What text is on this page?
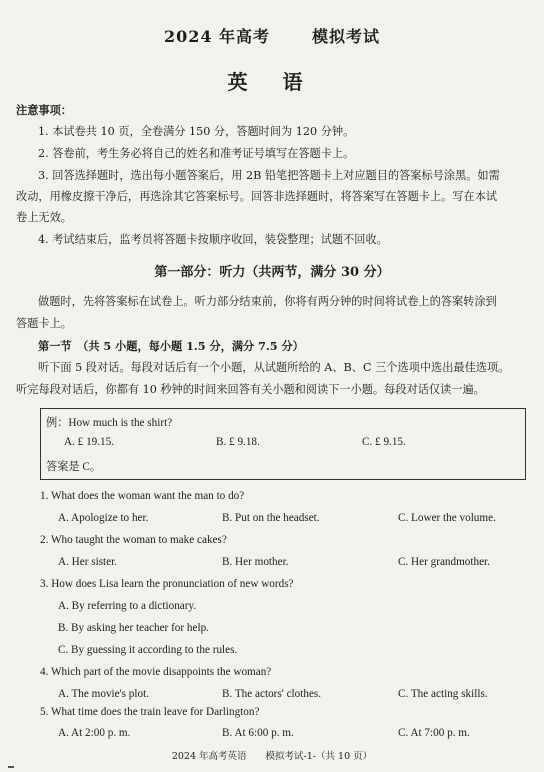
2024 年高考	模拟考试
英 语
注意事项：
1. 本试卷共 10 页，全卷满分 150 分，答题时间为 120 分钟。
2. 答卷前，考生务必将自己的姓名和准考证号填写在答题卡上。
3. 回答选择题时，选出每小题答案后，用 2B 铅笔把答题卡上对应题目的答案标号涂黑。如需
改动，用橡皮擦干净后，再选涂其它答案标号。回答非选择题时，将答案写在答题卡上。写在本试
卷上无效。
4. 考试结束后，监考员将答题卡按顺序收回，装袋整理；试题不回收。
第一部分：听力（共两节，满分 30 分）
做题时，先将答案标在试卷上。听力部分结束前，你将有两分钟的时间将试卷上的答案转涂到
答题卡上。
第一节　（共 5 小题，每小题 1.5 分，满分 7.5 分）
听下面 5 段对话。每段对话后有一个小题，从试题所给的 A、B、C 三个选项中选出最佳选项。
听完每段对话后，你都有 10 秒钟的时间来回答有关小题和阅读下一小题。每段对话仅读一遍。
例：How much is the shirt?
A. £ 19.15.	B. £ 9.18.	C. £ 9.15.
答案是 C。
1. What does the woman want the man to do?
A. Apologize to her.	B. Put on the headset.	C. Lower the volume.
2. Who taught the woman to make cakes?
A. Her sister.	B. Her mother.	C. Her grandmother.
3. How does Lisa learn the pronunciation of new words?
A. By referring to a dictionary.
B. By asking her teacher for help.
C. By guessing it according to the rules.
4. Which part of the movie disappoints the woman?
A. The movie's plot.	B. The actors' clothes.	C. The acting skills.
5. What time does the train leave for Darlington?
A. At 2:00 p. m.	B. At 6:00 p. m.	C. At 7:00 p. m.
2024 年高考英语　　模拟考试-1-（共 10 页）
